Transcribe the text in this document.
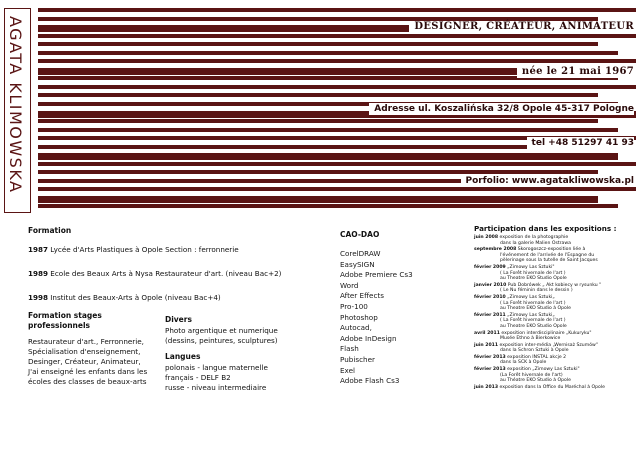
AGATA KLIMOWSKA	DESIGNER, CRÉATEUR, ANIMATEUR
née le 21 mai 1967
Adresse ul. Koszalińska 32/8 Opole 45-317 Pologne
tel +48 51297 41 93
Porfolio: www.agatakliwowska.pl
Formation
1987 Lycée d'Arts Plastiques à Opole Section : ferronnerie
1989 Ecole des Beaux Arts à Nysa Restaurateur d'art. (niveau Bac+2)
1998 Institut des Beaux-Arts à Opole (niveau Bac+4)
Formation stages
professionnels
Restaurateur d'art., Ferronnerie,
Spécialisation d'enseignement,
Desinger, Créateur, Animateur,
J'ai enseigné les enfants dans les
écoles des classes de beaux-arts
Divers
Photo argentique et numerique
(dessins, peintures, sculptures)
Langues
polonais - langue maternelle
français - DELF B2
russe - niveau intermediaire
CAO-DAO
CorelDRAW
EasySIGN
Adobe Premiere Cs3
Word
After Effects
Pro-100
Photoshop
Autocad,
Adobe InDesign
Flash
Pubischer
Exel
Adobe Flash Cs3
Participation dans les expositions :
juin 2008 exposition de la photographie
dans la galerie Malien Ostrawa
septembre 2008 Skorogoszcz-exposition liée à
l'événement de l'arrivée de l'Espagne du
pèlerinage sous la tutelle de Saint Jacques
février 2009 „Zimowy Las Sztuki"
( La Forêt hivernale de l'art )
au Theatre EKO Studio Opole
janvier 2010 Pub Dobrówek „ Akt kobiecy w rysunku "
( Le Nu féminin dans le dessin )
février 2010 „Zimowy Las Sztuki„
( La Forêt hivernale de l'art )
au Theatre EKO Studio à Opole
février 2011 „Zimowy Las Sztuki„
( La Forêt hivernale de l'art )
au Theatre EKO Studio Opole
avril 2011 exposition interdisciplinaire „Kukuryku"
Musée Ethno à Bierkowice
juin 2011 exposition inter-média „Wernisaż Szumów"
dans la Schron Sztuki à Opole
février 2013 exposition INSTAL akcje 2
dans la SCK à Opole
février 2013 exposition „Zimowy Las Sztuki"
(La Forêt hivernale de l'art)
au Théatre EKO Studio à Opole
juin 2013 exposition dans la Office du Maréchal à Opole
